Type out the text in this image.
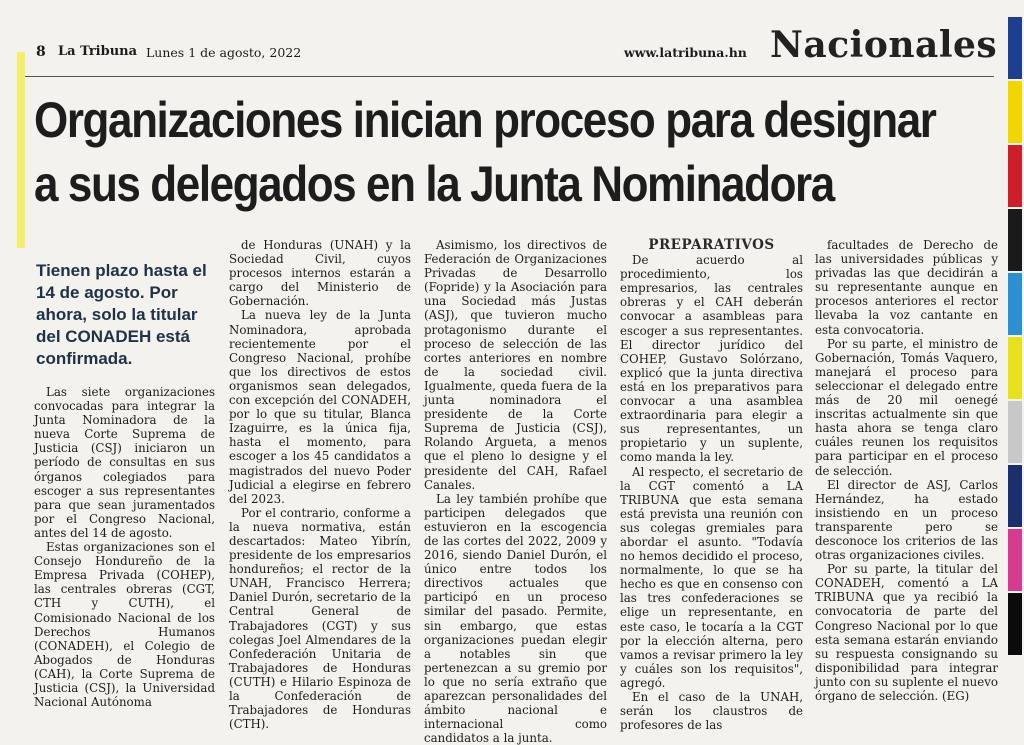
8 La Tribuna Lunes 1 de agosto, 2022	www.latribuna.hn Nacionales
Organizaciones inician proceso para designar
a sus delegados en la Junta Nominadora
Tienen plazo hasta el 14 de agosto. Por ahora, solo la titular del CONADEH está confirmada.

Las siete organizaciones convocadas para integrar la Junta Nominadora de la nueva Corte Suprema de Justicia (CSJ) iniciaron un período de consultas en sus órganos colegiados para escoger a sus representantes para que sean juramentados por el Congreso Nacional, antes del 14 de agosto.

Estas organizaciones son el Consejo Hondureño de la Empresa Privada (COHEP), las centrales obreras (CGT, CTH y CUTH), el Comisionado Nacional de los Derechos Humanos (CONADEH), el Colegio de Abogados de Honduras (CAH), la Corte Suprema de Justicia (CSJ), la Universidad Nacional Autónoma

de Honduras (UNAH) y la Sociedad Civil, cuyos procesos internos estarán a cargo del Ministerio de Gobernación.

La nueva ley de la Junta Nominadora, aprobada recientemente por el Congreso Nacional, prohíbe que los directivos de estos organismos sean delegados, con excepción del CONADEH, por lo que su titular, Blanca Izaguirre, es la única fija, hasta el momento, para escoger a los 45 candidatos a magistrados del nuevo Poder Judicial a elegirse en febrero del 2023.

Por el contrario, conforme a la nueva normativa, están descartados: Mateo Yibrín, presidente de los empresarios hondureños; el rector de la UNAH, Francisco Herrera; Daniel Durón, secretario de la Central General de Trabajadores (CGT) y sus colegas Joel Almendares de la Confederación Unitaria de Trabajadores de Honduras (CUTH) e Hilario Espinoza de la Confederación de Trabajadores de Honduras (CTH).

Asimismo, los directivos de Federación de Organizaciones Privadas de Desarrollo (Fopride) y la Asociación para una Sociedad más Justas (ASJ), que tuvieron mucho protagonismo durante el proceso de selección de las cortes anteriores en nombre de la sociedad civil. Igualmente, queda fuera de la junta nominadora el presidente de la Corte Suprema de Justicia (CSJ), Rolando Argueta, a menos que el pleno lo designe y el presidente del CAH, Rafael Canales.

La ley también prohíbe que participen delegados que estuvieron en la escogencia de las cortes del 2022, 2009 y 2016, siendo Daniel Durón, el único entre todos los directivos actuales que participó en un proceso similar del pasado. Permite, sin embargo, que estas organizaciones puedan elegir a notables sin que pertenezcan a su gremio por lo que no sería extraño que aparezcan personalidades del ámbito nacional e internacional como candidatos a la junta.

PREPARATIVOS

De acuerdo al procedimiento, los empresarios, las centrales obreras y el CAH deberán convocar a asambleas para escoger a sus representantes. El director jurídico del COHEP, Gustavo Solórzano, explicó que la junta directiva está en los preparativos para convocar a una asamblea extraordinaria para elegir a sus representantes, un propietario y un suplente, como manda la ley.

Al respecto, el secretario de la CGT comentó a LA TRIBUNA que esta semana está prevista una reunión con sus colegas gremiales para abordar el asunto. "Todavía no hemos decidido el proceso, normalmente, lo que se ha hecho es que en consenso con las tres confederaciones se elige un representante, en este caso, le tocaría a la CGT por la elección alterna, pero vamos a revisar primero la ley y cuáles son los requisitos", agregó.

En el caso de la UNAH, serán los claustros de profesores de las

facultades de Derecho de las universidades públicas y privadas las que decidirán a su representante aunque en procesos anteriores el rector llevaba la voz cantante en esta convocatoria.

Por su parte, el ministro de Gobernación, Tomás Vaquero, manejará el proceso para seleccionar el delegado entre más de 20 mil oenegé inscritas actualmente sin que hasta ahora se tenga claro cuáles reunen los requisitos para participar en el proceso de selección.

El director de ASJ, Carlos Hernández, ha estado insistiendo en un proceso transparente pero se desconoce los criterios de las otras organizaciones civiles.

Por su parte, la titular del CONADEH, comentó a LA TRIBUNA que ya recibió la convocatoria de parte del Congreso Nacional por lo que esta semana estarán enviando su respuesta consignando su disponibilidad para integrar junto con su suplente el nuevo órgano de selección. (EG)
